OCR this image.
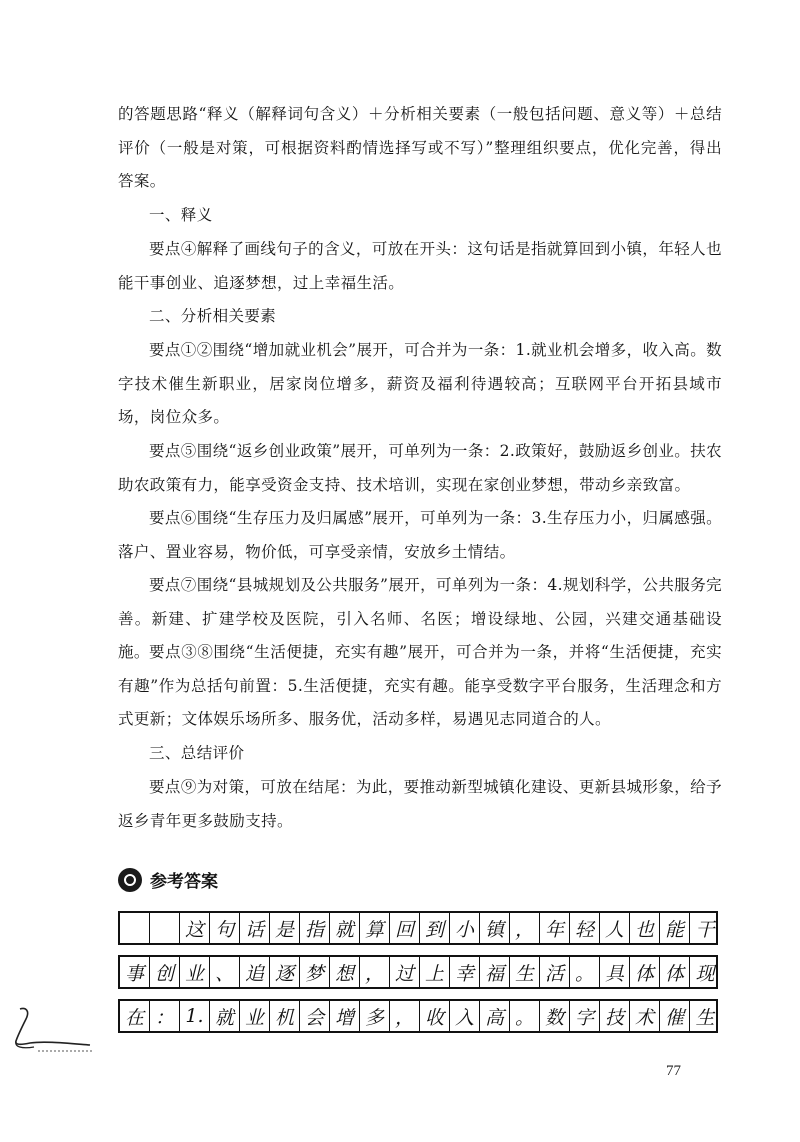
的答题思路“释义（解释词句含义）＋分析相关要素（一般包括问题、意义等）＋总结评价（一般是对策，可根据资料酌情选择写或不写）”整理组织要点，优化完善，得出答案。

一、释义

要点④解释了画线句子的含义，可放在开头：这句话是指就算回到小镇，年轻人也能干事创业、追逐梦想，过上幸福生活。

二、分析相关要素

要点①②围绕“增加就业机会”展开，可合并为一条：1.就业机会增多，收入高。数字技术催生新职业，居家岗位增多，薪资及福利待遇较高；互联网平台开拓县域市场，岗位众多。

要点⑤围绕“返乡创业政策”展开，可单列为一条：2.政策好，鼓励返乡创业。扶农助农政策有力，能享受资金支持、技术培训，实现在家创业梦想，带动乡亲致富。

要点⑥围绕“生存压力及归属感”展开，可单列为一条：3.生存压力小，归属感强。落户、置业容易，物价低，可享受亲情，安放乡土情结。

要点⑦围绕“县城规划及公共服务”展开，可单列为一条：4.规划科学，公共服务完善。新建、扩建学校及医院，引入名师、名医；增设绿地、公园，兴建交通基础设施。 要点③⑧围绕“生活便捷，充实有趣”展开，可合并为一条，并将“生活便捷，充实有趣”作为总括句前置：5.生活便捷，充实有趣。能享受数字平台服务，生活理念和方式更新；文体娱乐场所多、服务优，活动多样，易遇见志同道合的人。

三、总结评价

要点⑨为对策，可放在结尾：为此，要推动新型城镇化建设、更新县城形象，给予返乡青年更多鼓励支持。

参考答案
这 句 话 是 指 就 算 回 到 小 镇 ， 年 轻 人 也 能 干
事 创 业 、 追 逐 梦 想 ， 过 上 幸 福 生 活 。 具 体 体 现
在 ： 1. 就 业 机 会 增 多 ， 收 入 高 。 数 字 技 术 催 生
77
